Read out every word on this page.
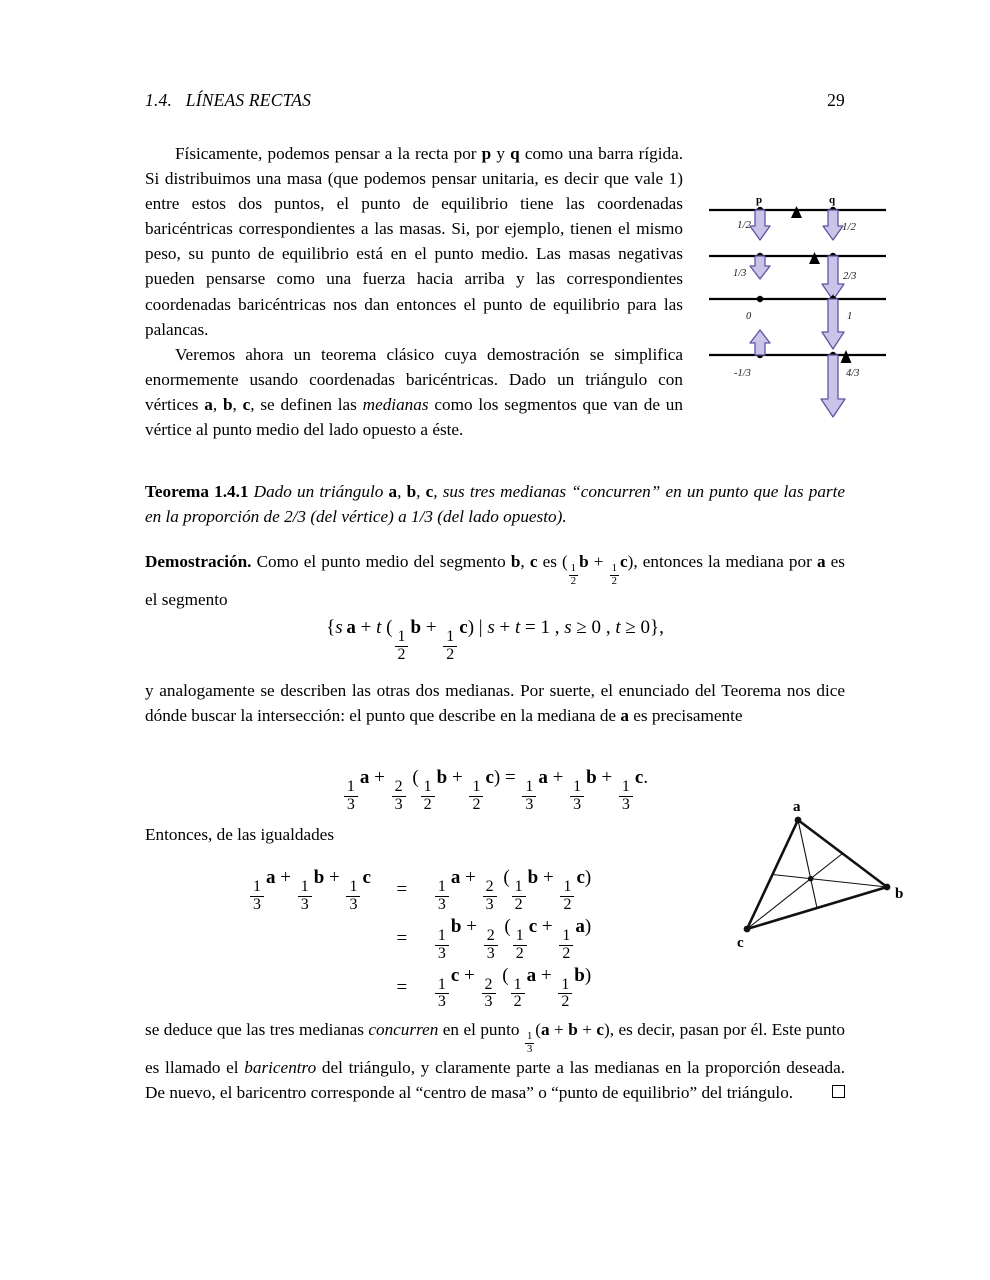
1.4.   LÍNEAS RECTAS	29
Físicamente, podemos pensar a la recta por p y q como una barra rígida. Si distribuimos una masa (que podemos pensar unitaria, es decir que vale 1) entre estos dos puntos, el punto de equilibrio tiene las coordenadas baricéntricas correspondientes a las masas. Si, por ejemplo, tienen el mismo peso, su punto de equilibrio está en el punto medio. Las masas negativas pueden pensarse como una fuerza hacia arriba y las correspondientes coordenadas baricéntricas nos dan entonces el punto de equilibrio para las palancas.
Veremos ahora un teorema clásico cuya demostración se simplifica enormemente usando coordenadas baricéntricas. Dado un triángulo con vértices a, b, c, se definen las medianas como los segmentos que van de un vértice al punto medio del lado opuesto a éste.
1/2	1/2
p	q
1/3	2/3
0	1
-1/3	4/3
Teorema 1.4.1 Dado un triángulo a, b, c, sus tres medianas “concurren” en un punto que las parte en la proporción de 2/3 (del vértice) a 1/3 (del lado opuesto).
Demostración. Como el punto medio del segmento b, c es (
$\frac{1}{2}$
b +
$\frac{1}{2}$
c), entonces la mediana por a es el segmento
{s  a + t (
$\frac{1}{2}$
b +
$\frac{1}{2}$
c) | s + t = 1 , s ≥ 0 , t ≥ 0},
y analogamente se describen las otras dos medianas. Por suerte, el enunciado del Teorema nos dice dónde buscar la intersección: el punto que describe en la mediana de a es precisamente
$\frac{1}{3}$
a +
$\frac{2}{3}$
(
$\frac{1}{2}$
b +
$\frac{1}{2}$
c) =
$\frac{1}{3}$
a +
$\frac{1}{3}$
b +
$\frac{1}{3}$
c.
Entonces, de las igualdades
$\frac{1}{3}$
a +
$\frac{1}{3}$
b +
$\frac{1}{3}$
c	=	$\frac{1}{3}$
a +
$\frac{2}{3}$
(
$\frac{1}{2}$
b +
$\frac{1}{2}$
c)
	=	$\frac{1}{3}$
b +
$\frac{2}{3}$
(
$\frac{1}{2}$
c +
$\frac{1}{2}$
a)
	=	$\frac{1}{3}$
c +
$\frac{2}{3}$
(
$\frac{1}{2}$
a +
$\frac{1}{2}$
b)
a
b
c
se deduce que las tres medianas concurren en el punto
$\frac{1}{3}$
(a + b + c), es decir, pasan por él. Este punto es llamado el baricentro del triángulo, y claramente parte a las medianas en la proporción deseada. De nuevo, el baricentro corresponde al “centro de masa” o “punto de equilibrio” del triángulo.
